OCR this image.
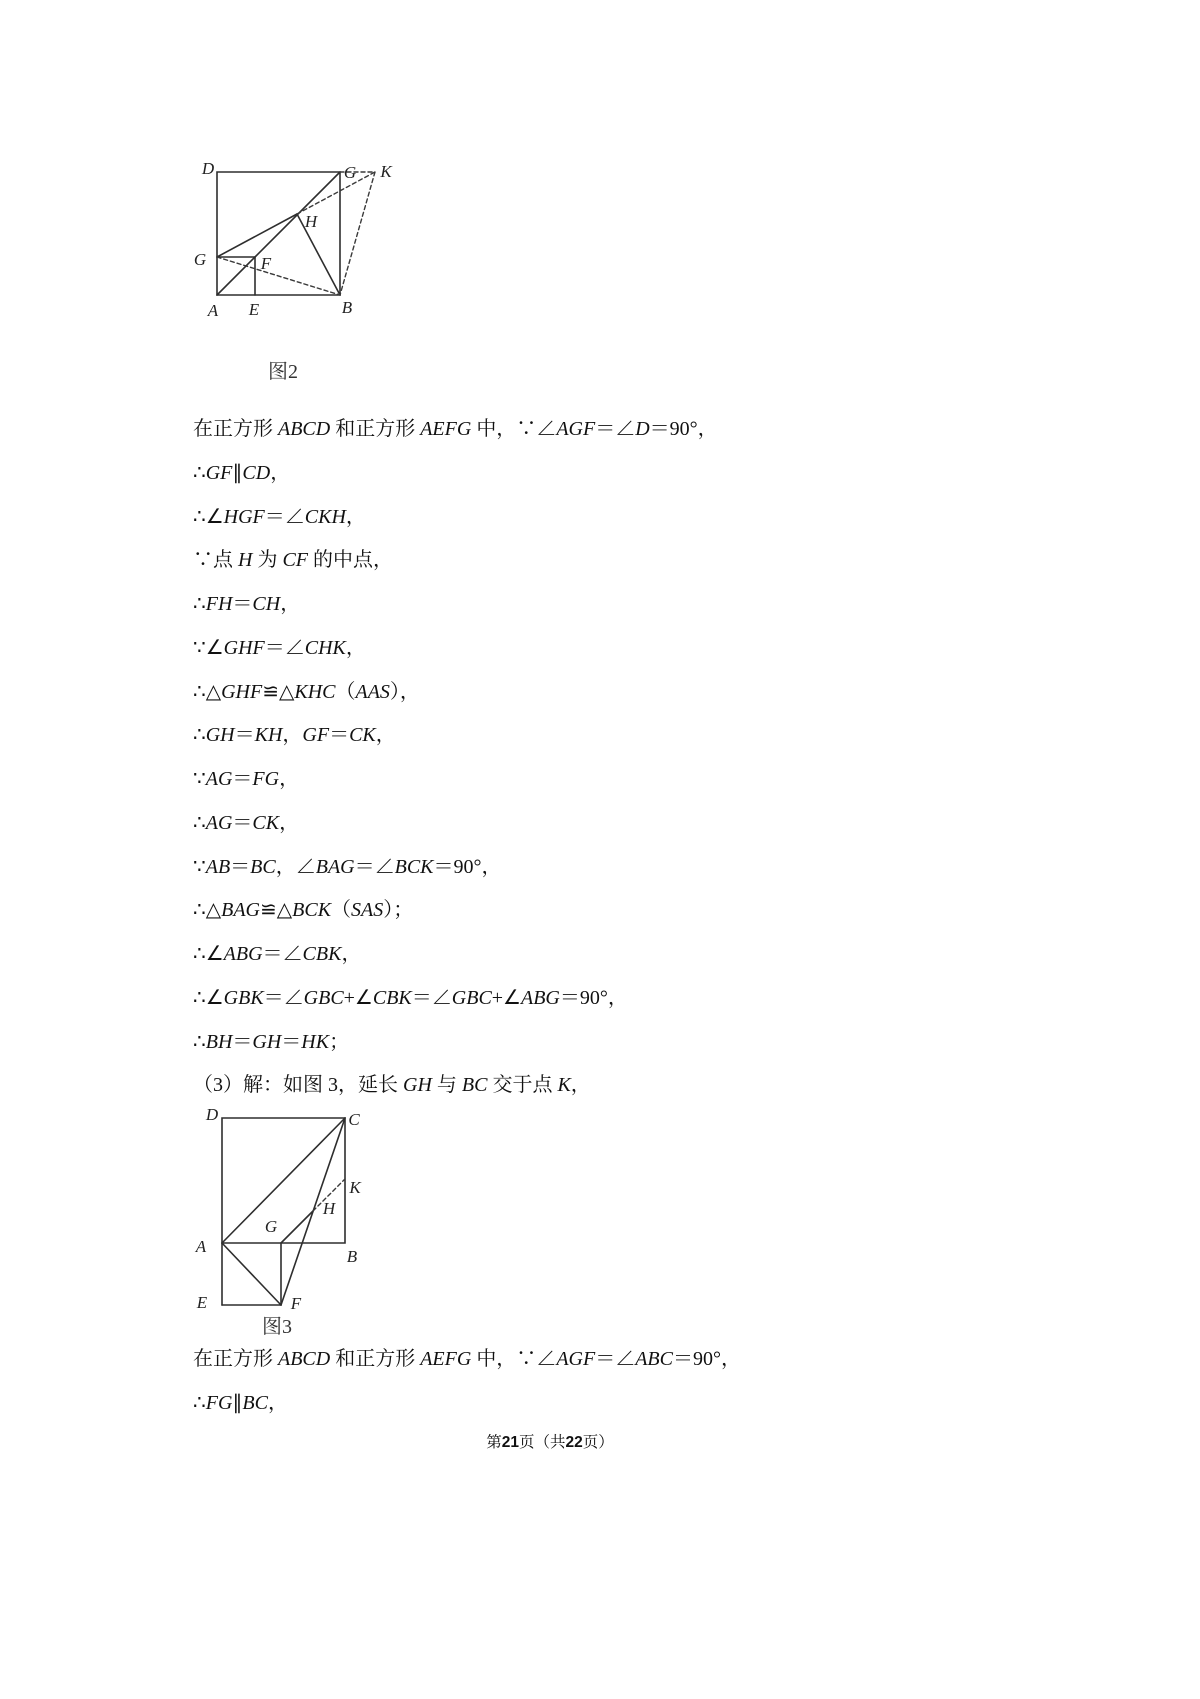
D	G K
H
G	F
A E	B
图2
在正方形 ABCD 和正方形 AEFG 中，∵∠AGF＝∠D＝90°，
∴GF∥CD，
∴∠HGF＝∠CKH，
∵点 H 为 CF 的中点，
∴FH＝CH，
∵∠GHF＝∠CHK，
∴△GHF≌△KHC（AAS），
∴GH＝KH，GF＝CK，
∵AG＝FG，
∴AG＝CK，
∵AB＝BC，∠BAG＝∠BCK＝90°，
∴△BAG≌△BCK（SAS）；
∴∠ABG＝∠CBK，
∴∠GBK＝∠GBC+∠CBK＝∠GBC+∠ABG＝90°，
∴BH＝GH＝HK；
（3）解：如图 3，延长 GH 与 BC 交于点 K，
D	C
K
H
G
A
B
E	F
图3
在正方形 ABCD 和正方形 AEFG 中，∵∠AGF＝∠ABC＝90°，
∴FG∥BC，
第21页（共22页）
